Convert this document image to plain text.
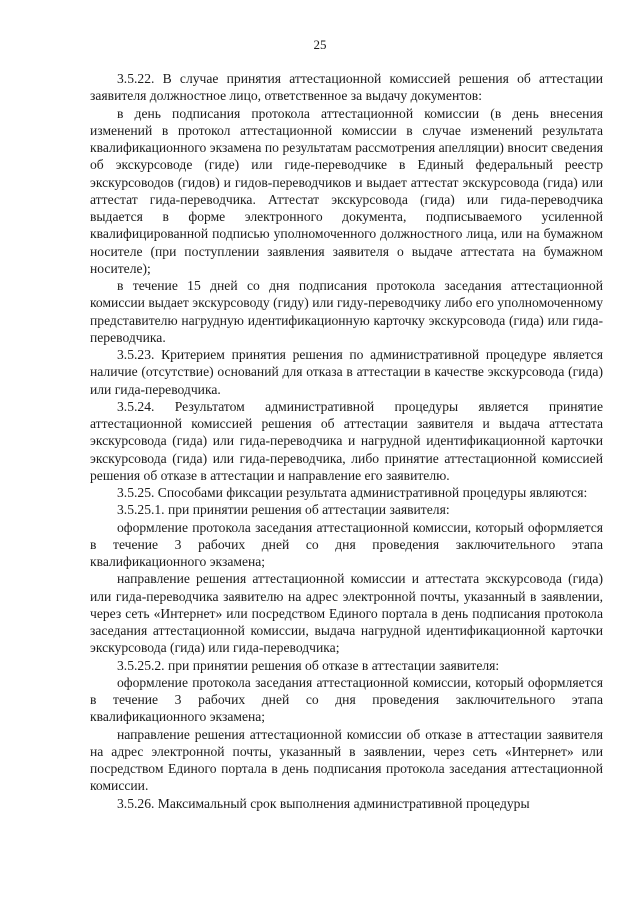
25

3.5.22. В случае принятия аттестационной комиссией решения об аттестации заявителя должностное лицо, ответственное за выдачу документов:

в день подписания протокола аттестационной комиссии (в день внесения изменений в протокол аттестационной комиссии в случае изменений результата квалификационного экзамена по результатам рассмотрения апелляции) вносит сведения об экскурсоводе (гиде) или гиде-переводчике в Единый федеральный реестр экскурсоводов (гидов) и гидов-переводчиков и выдает аттестат экскурсовода (гида) или аттестат гида-переводчика. Аттестат экскурсовода (гида) или гида-переводчика выдается в форме электронного документа, подписываемого усиленной квалифицированной подписью уполномоченного должностного лица, или на бумажном носителе (при поступлении заявления заявителя о выдаче аттестата на бумажном носителе);

в течение 15 дней со дня подписания протокола заседания аттестационной комиссии выдает экскурсоводу (гиду) или гиду-переводчику либо его уполномоченному представителю нагрудную идентификационную карточку экскурсовода (гида) или гида-переводчика.

3.5.23. Критерием принятия решения по административной процедуре является наличие (отсутствие) оснований для отказа в аттестации в качестве экскурсовода (гида) или гида-переводчика.

3.5.24. Результатом административной процедуры является принятие аттестационной комиссией решения об аттестации заявителя и выдача аттестата экскурсовода (гида) или гида-переводчика и нагрудной идентификационной карточки экскурсовода (гида) или гида-переводчика, либо принятие аттестационной комиссией решения об отказе в аттестации и направление его заявителю.

3.5.25. Способами фиксации результата административной процедуры являются:

3.5.25.1. при принятии решения об аттестации заявителя:

оформление протокола заседания аттестационной комиссии, который оформляется в течение 3 рабочих дней со дня проведения заключительного этапа квалификационного экзамена;

направление решения аттестационной комиссии и аттестата экскурсовода (гида) или гида-переводчика заявителю на адрес электронной почты, указанный в заявлении, через сеть «Интернет» или посредством Единого портала в день подписания протокола заседания аттестационной комиссии, выдача нагрудной идентификационной карточки экскурсовода (гида) или гида-переводчика;

3.5.25.2. при принятии решения об отказе в аттестации заявителя:

оформление протокола заседания аттестационной комиссии, который оформляется в течение 3 рабочих дней со дня проведения заключительного этапа квалификационного экзамена;

направление решения аттестационной комиссии об отказе в аттестации заявителя на адрес электронной почты, указанный в заявлении, через сеть «Интернет» или посредством Единого портала в день подписания протокола заседания аттестационной комиссии.

3.5.26. Максимальный срок выполнения административной процедуры
